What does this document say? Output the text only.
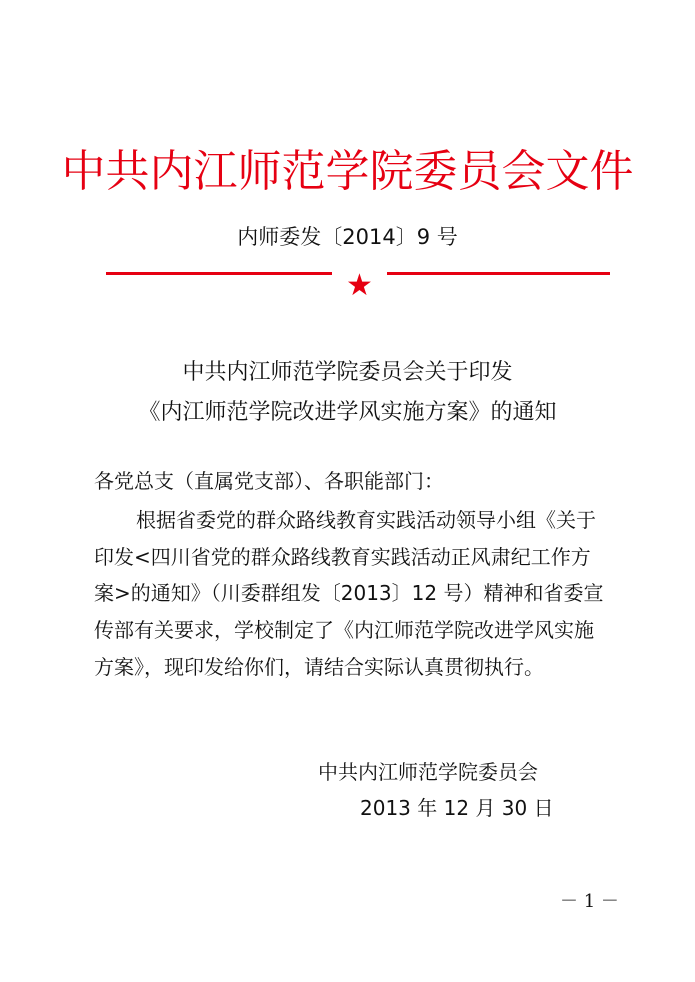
中共内江师范学院委员会文件
内师委发〔2014〕9 号
★
中共内江师范学院委员会关于印发
《内江师范学院改进学风实施方案》的通知
各党总支（直属党支部）、各职能部门：
根据省委党的群众路线教育实践活动领导小组《关于
印发<四川省党的群众路线教育实践活动正风肃纪工作方
案>的通知》（川委群组发〔2013〕12 号）精神和省委宣
传部有关要求，学校制定了《内江师范学院改进学风实施
方案》，现印发给你们，请结合实际认真贯彻执行。
中共内江师范学院委员会
2013 年 12 月 30 日
－ 1 －
